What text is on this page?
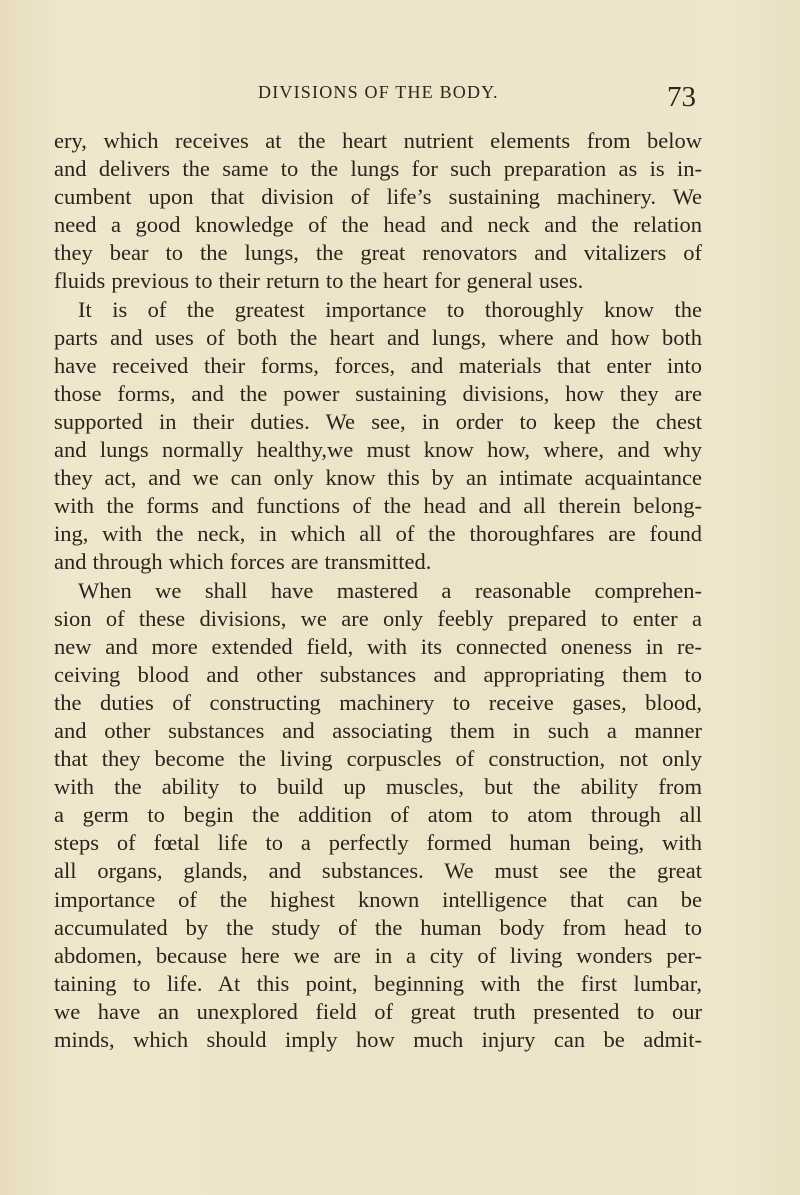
DIVISIONS OF THE BODY.	73
ery, which receives at the heart nutrient elements from below
and delivers the same to the lungs for such preparation as is in-
cumbent upon that division of life’s sustaining machinery. We
need a good knowledge of the head and neck and the relation
they bear to the lungs, the great renovators and vitalizers of
fluids previous to their return to the heart for general uses.
It is of the greatest importance to thoroughly know the
parts and uses of both the heart and lungs, where and how both
have received their forms, forces, and materials that enter into
those forms, and the power sustaining divisions, how they are
supported in their duties. We see, in order to keep the chest
and lungs normally healthy,we must know how, where, and why
they act, and we can only know this by an intimate acquaintance
with the forms and functions of the head and all therein belong-
ing, with the neck, in which all of the thoroughfares are found
and through which forces are transmitted.
When we shall have mastered a reasonable comprehen-
sion of these divisions, we are only feebly prepared to enter a
new and more extended field, with its connected oneness in re-
ceiving blood and other substances and appropriating them to
the duties of constructing machinery to receive gases, blood,
and other substances and associating them in such a manner
that they become the living corpuscles of construction, not only
with the ability to build up muscles, but the ability from
a germ to begin the addition of atom to atom through all
steps of fœtal life to a perfectly formed human being, with
all organs, glands, and substances. We must see the great
importance of the highest known intelligence that can be
accumulated by the study of the human body from head to
abdomen, because here we are in a city of living wonders per-
taining to life. At this point, beginning with the first lumbar,
we have an unexplored field of great truth presented to our
minds, which should imply how much injury can be admit-
